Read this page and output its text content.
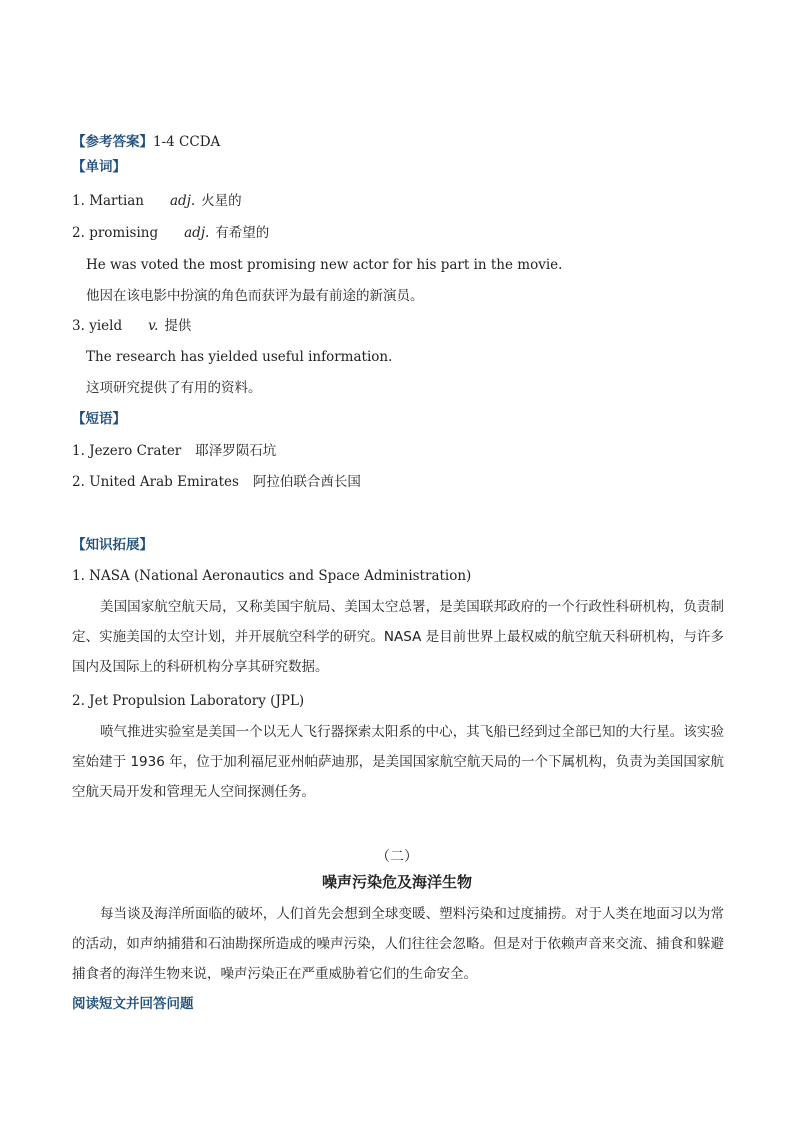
【参考答案】1-4 CCDA
【单词】
1. Martian adj. 火星的
2. promising adj. 有希望的
He was voted the most promising new actor for his part in the movie.
他因在该电影中扮演的角色而获评为最有前途的新演员。
3. yield v. 提供
The research has yielded useful information.
这项研究提供了有用的资料。
【短语】
1. Jezero Crater 耶泽罗陨石坑
2. United Arab Emirates 阿拉伯联合酋长国
【知识拓展】
1. NASA (National Aeronautics and Space Administration)
美国国家航空航天局，又称美国宇航局、美国太空总署，是美国联邦政府的一个行政性科研机构，负责制定、实施美国的太空计划，并开展航空科学的研究。NASA 是目前世界上最权威的航空航天科研机构，与许多国内及国际上的科研机构分享其研究数据。
2. Jet Propulsion Laboratory (JPL)
喷气推进实验室是美国一个以无人飞行器探索太阳系的中心，其飞船已经到过全部已知的大行星。该实验室始建于 1936 年，位于加利福尼亚州帕萨迪那，是美国国家航空航天局的一个下属机构，负责为美国国家航空航天局开发和管理无人空间探测任务。
（二）
噪声污染危及海洋生物
每当谈及海洋所面临的破坏，人们首先会想到全球变暖、塑料污染和过度捕捞。对于人类在地面习以为常的活动，如声纳捕猎和石油勘探所造成的噪声污染，人们往往会忽略。但是对于依赖声音来交流、捕食和躲避捕食者的海洋生物来说，噪声污染正在严重威胁着它们的生命安全。
阅读短文并回答问题
